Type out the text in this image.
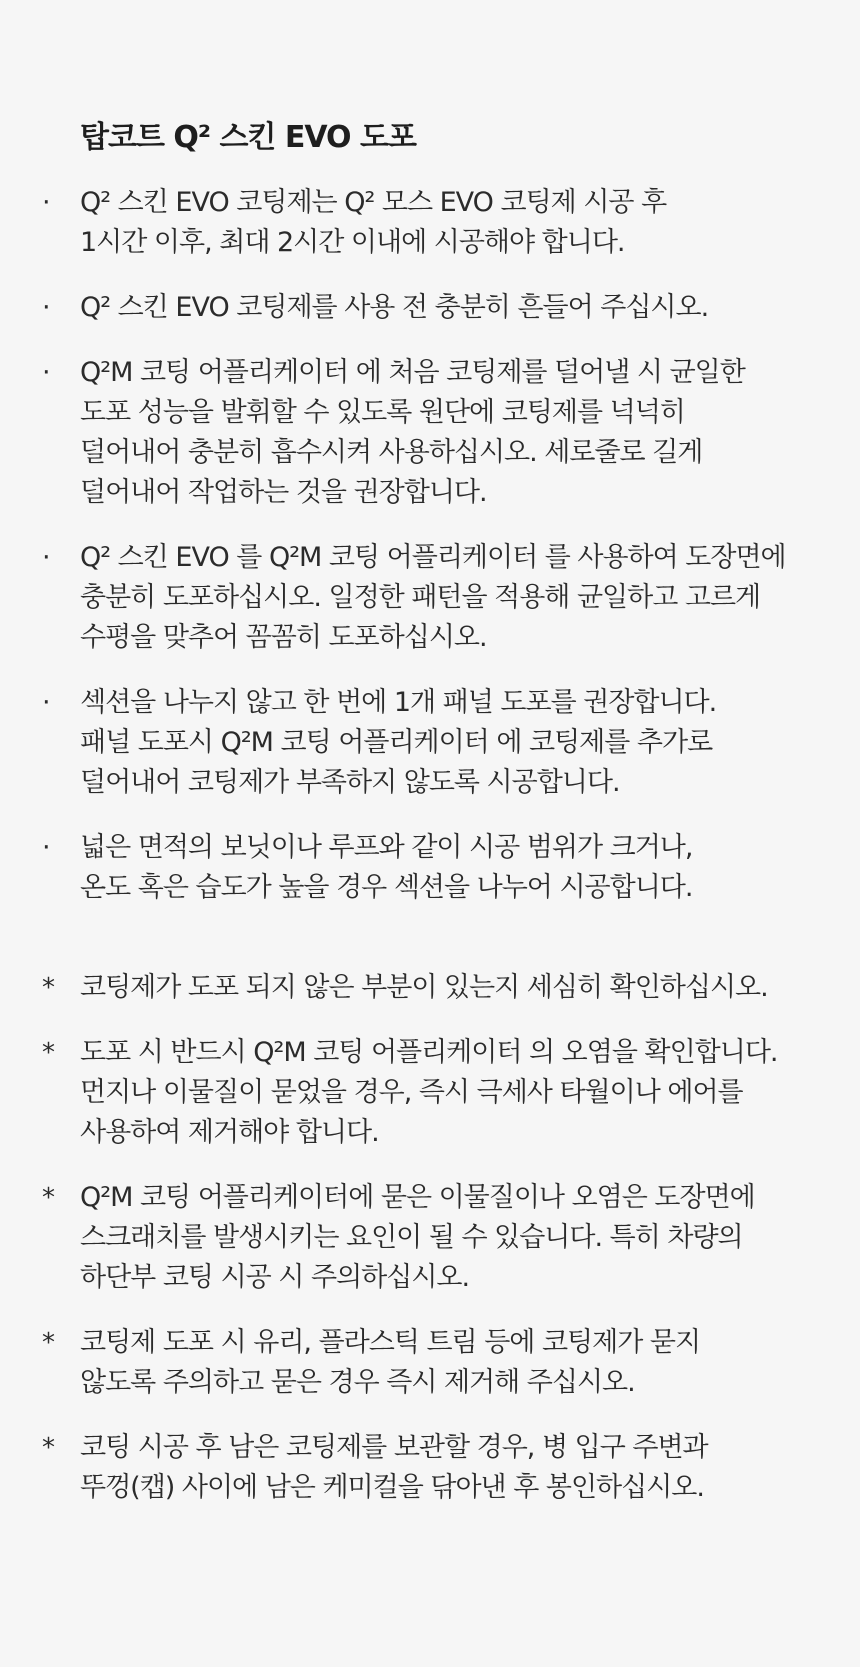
탑코트 Q² 스킨 EVO 도포
·	Q² 스킨 EVO 코팅제는 Q² 모스 EVO 코팅제 시공 후
1시간 이후, 최대 2시간 이내에 시공해야 합니다.
·	Q² 스킨 EVO 코팅제를 사용 전 충분히 흔들어 주십시오.
·	Q²M 코팅 어플리케이터 에 처음 코팅제를 덜어낼 시 균일한
도포 성능을 발휘할 수 있도록 원단에 코팅제를 넉넉히
덜어내어 충분히 흡수시켜 사용하십시오. 세로줄로 길게
덜어내어 작업하는 것을 권장합니다.
·	Q² 스킨 EVO 를 Q²M 코팅 어플리케이터 를 사용하여 도장면에
충분히 도포하십시오. 일정한 패턴을 적용해 균일하고 고르게
수평을 맞추어 꼼꼼히 도포하십시오.
·	섹션을 나누지 않고 한 번에 1개 패널 도포를 권장합니다.
패널 도포시 Q²M 코팅 어플리케이터 에 코팅제를 추가로
덜어내어 코팅제가 부족하지 않도록 시공합니다.
·	넓은 면적의 보닛이나 루프와 같이 시공 범위가 크거나,
온도 혹은 습도가 높을 경우 섹션을 나누어 시공합니다.
* 코팅제가 도포 되지 않은 부분이 있는지 세심히 확인하십시오.
* 도포 시 반드시 Q²M 코팅 어플리케이터 의 오염을 확인합니다.
먼지나 이물질이 묻었을 경우, 즉시 극세사 타월이나 에어를
사용하여 제거해야 합니다.
* Q²M 코팅 어플리케이터에 묻은 이물질이나 오염은 도장면에
스크래치를 발생시키는 요인이 될 수 있습니다. 특히 차량의
하단부 코팅 시공 시 주의하십시오.
* 코팅제 도포 시 유리, 플라스틱 트림 등에 코팅제가 묻지
않도록 주의하고 묻은 경우 즉시 제거해 주십시오.
* 코팅 시공 후 남은 코팅제를 보관할 경우, 병 입구 주변과
뚜껑(캡) 사이에 남은 케미컬을 닦아낸 후 봉인하십시오.
